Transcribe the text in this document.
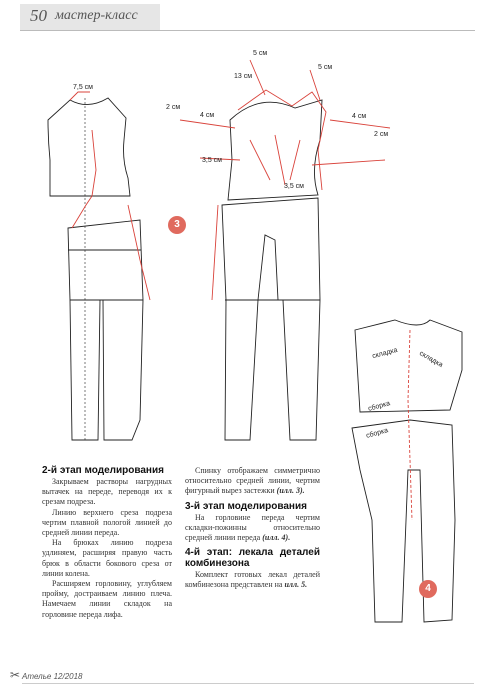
50 мастер-класс
7,5 см
5 см
13 см
5 см
2 см
4 см	4 см
2 см
3,5 см
3,5 см
складка	складка
сборка
сборка
3
4
2-й этап моделирования

Закрываем растворы нагрудных вытачек на переде, переводя их к срезам подреза.

Линию верхнего среза подреза чертим плавной пологой линией до средней линии переда.

На брюках линию подреза удлиняем, расширяя правую часть брюк в области бокового среза от линии колена.

Расширяем горловину, углубляем пройму, достраиваем линию плеча. Намечаем линии складок на горловине переда лифа.

Спинку отображаем симметрично относительно средней линии, чертим фигурный вырез застежки (илл. 3).

3-й этап моделирования

На горловине переда чертим складки-пожинны относительно средней линии переда (илл. 4).

4-й этап: лекала деталей комбинезона

Комплект готовых лекал деталей комбинезона представлен на илл. 5.

✂ Ателье 12/2018
